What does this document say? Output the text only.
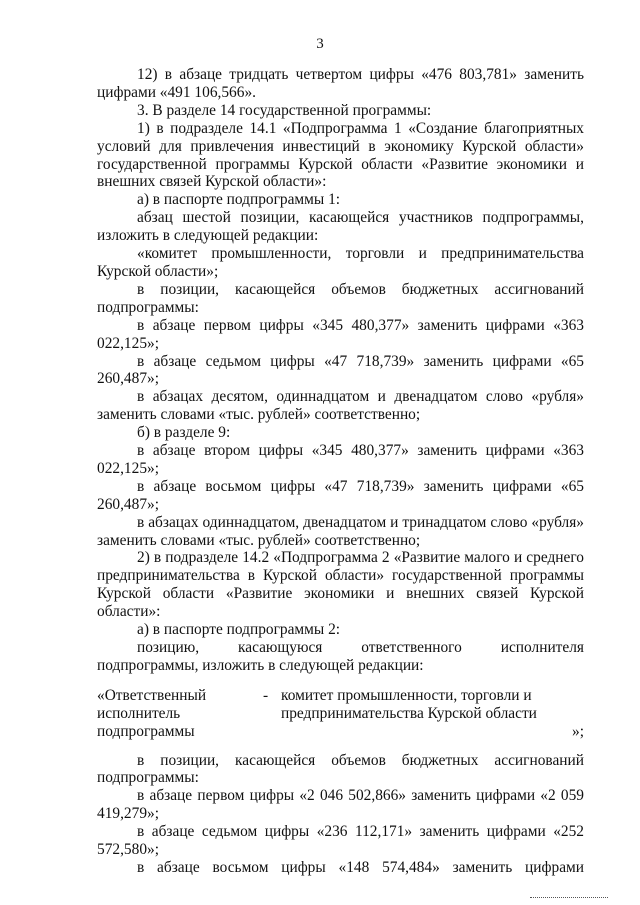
3

12) в абзаце тридцать четвертом цифры «476 803,781» заменить

цифрами «491 106,566».

3. В разделе 14 государственной программы:

1) в подразделе 14.1 «Подпрограмма 1 «Создание благоприятных условий для привлечения инвестиций в экономику Курской области» государственной программы Курской области «Развитие экономики и внешних связей Курской области»:

а) в паспорте подпрограммы 1:

абзац шестой позиции, касающейся участников подпрограммы, изложить в следующей редакции:

«комитет промышленности, торговли и предпринимательства Курской области»;

в позиции, касающейся объемов бюджетных ассигнований подпрограммы:

в абзаце первом цифры «345 480,377» заменить цифрами «363 022,125»;

в абзаце седьмом цифры «47 718,739» заменить цифрами «65 260,487»;

в абзацах десятом, одиннадцатом и двенадцатом слово «рубля» заменить словами «тыс. рублей» соответственно;

б) в разделе 9:

в абзаце втором цифры «345 480,377» заменить цифрами «363 022,125»;

в абзаце восьмом цифры «47 718,739» заменить цифрами «65 260,487»;

в абзацах одиннадцатом, двенадцатом и тринадцатом слово «рубля» заменить словами «тыс. рублей» соответственно;

2) в подразделе 14.2 «Подпрограмма 2 «Развитие малого и среднего предпринимательства в Курской области» государственной программы Курской области «Развитие экономики и внешних связей Курской области»:

а) в паспорте подпрограммы 2:

позицию, касающуюся ответственного исполнителя подпрограммы, изложить в следующей редакции:

«Ответственный исполнитель подпрограммы
- комитет промышленности, торговли и предпринимательства Курской области
»;

в позиции, касающейся объемов бюджетных ассигнований подпрограммы:

в абзаце первом цифры «2 046 502,866» заменить цифрами «2 059 419,279»;

в абзаце седьмом цифры «236 112,171» заменить цифрами «252 572,580»;

в абзаце восьмом цифры «148 574,484» заменить цифрами
